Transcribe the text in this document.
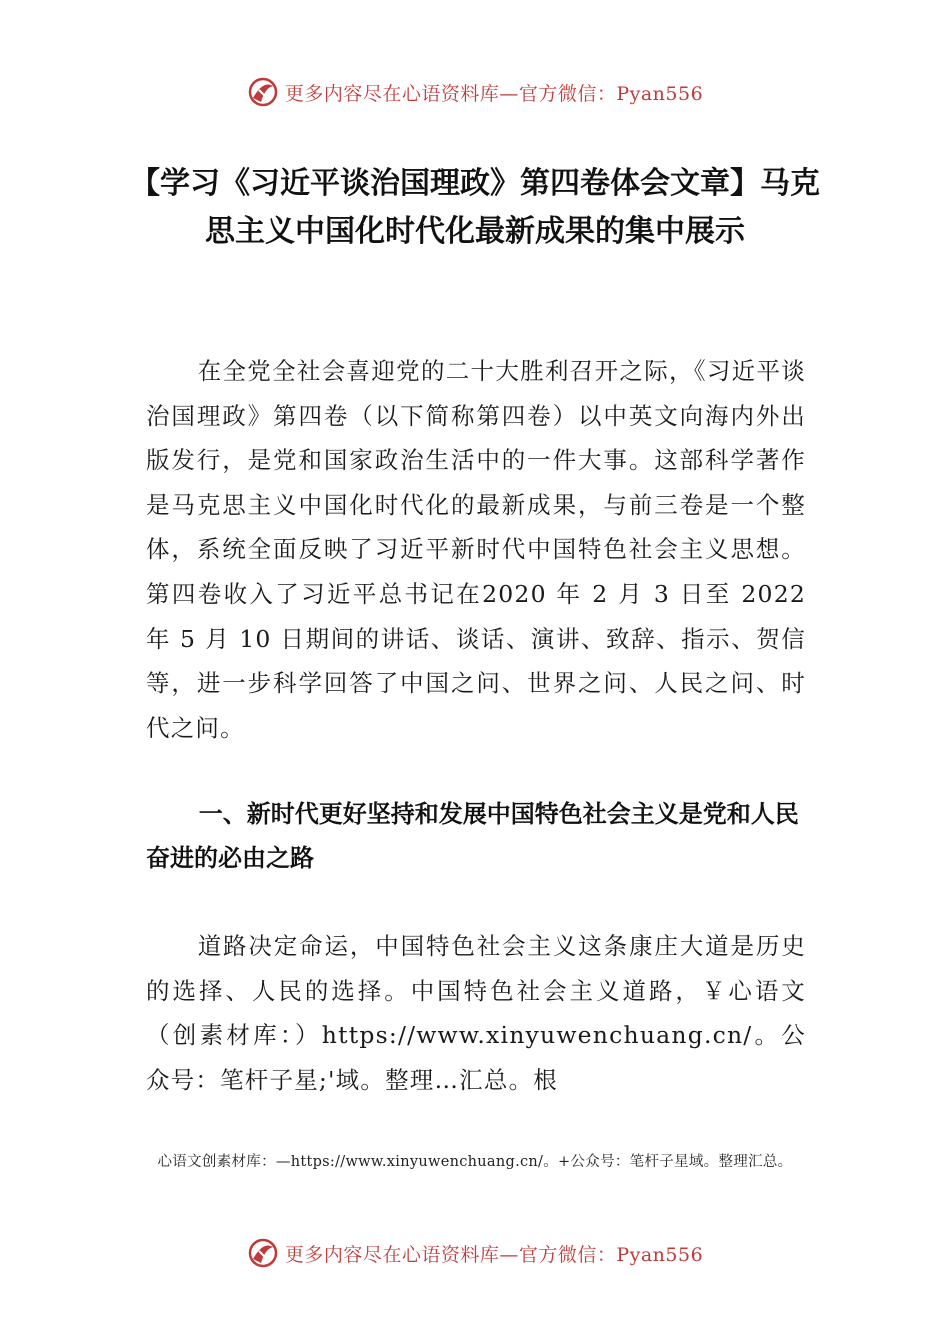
更多内容尽在心语资料库—官方微信：Pyan556
【学习《习近平谈治国理政》第四卷体会文章】马克思主义中国化时代化最新成果的集中展示

在全党全社会喜迎党的二十大胜利召开之际，《习近平谈治国理政》第四卷（以下简称第四卷）以中英文向海内外出版发行，是党和国家政治生活中的一件大事。这部科学著作是马克思主义中国化时代化的最新成果，与前三卷是一个整体，系统全面反映了习近平新时代中国特色社会主义思想。第四卷收入了习近平总书记在2020 年 2 月 3 日至 2022 年 5 月 10 日期间的讲话、谈话、演讲、致辞、指示、贺信等，进一步科学回答了中国之问、世界之问、人民之问、时代之问。

一、新时代更好坚持和发展中国特色社会主义是党和人民奋进的必由之路

道路决定命运，中国特色社会主义这条康庄大道是历史的选择、人民的选择。中国特色社会主义道路，￥心语文（创素材库：）https://www.xinyuwenchuang.cn/。公众号：笔杆子星;'域。整理…汇总。根

心语文创素材库：—https://www.xinyuwenchuang.cn/。+公众号：笔杆子星域。整理汇总。
更多内容尽在心语资料库—官方微信：Pyan556
